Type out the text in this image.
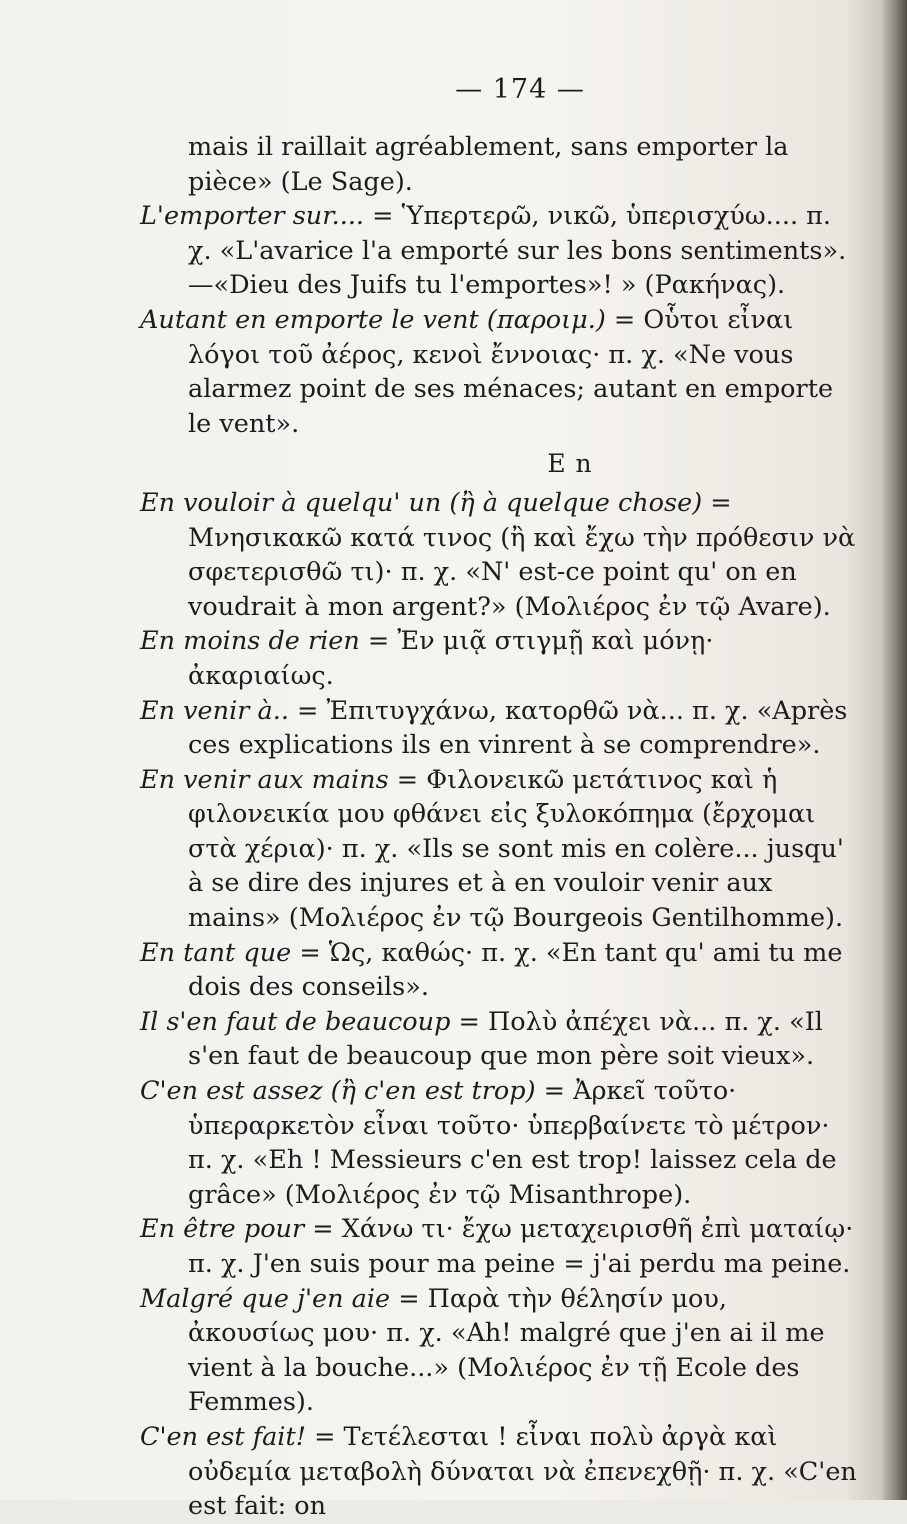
— 174 —

mais il raillait agréablement, sans emporter la pièce» (Le Sage).

L'emporter sur.... = Ὑπερτερῶ, νικῶ, ὑπερισχύω.... π. χ. «L'avarice l'a emporté sur les bons sentiments».—«Dieu des Juifs tu l'emportes»! » (Ρακήνας).

Autant en emporte le vent (παροιμ.) = Οὗτοι εἶναι λόγοι τοῦ ἀέρος, κενοὶ ἔννοιας· π. χ. «Ne vous alarmez point de ses ménaces; autant en emporte le vent».

E n

En vouloir à quelqu' un (ἢ à quelque chose) = Μνησικακῶ κατά τινος (ἢ καὶ ἔχω τὴν πρόθεσιν νὰ σφετερισθῶ τι)· π. χ. «N' est-ce point qu' on en voudrait à mon argent?» (Μολιέρος ἐν τῷ Avare).

En moins de rien = Ἐν μιᾷ στιγμῇ καὶ μόνῃ· ἀκαριαίως.

En venir à.. = Ἐπιτυγχάνω, κατορθῶ νὰ... π. χ. «Après ces explications ils en vinrent à se comprendre».

En venir aux mains = Φιλονεικῶ μετάτινος καὶ ἡ φιλονεικία μου φθάνει εἰς ξυλοκόπημα (ἔρχομαι στὰ χέρια)· π. χ. «Ils se sont mis en colère... jusqu' à se dire des injures et à en vouloir venir aux mains» (Μολιέρος ἐν τῷ Bourgeois Gentilhomme).

En tant que = Ὡς, καθώς· π. χ. «En tant qu' ami tu me dois des conseils».

Il s'en faut de beaucoup = Πολὺ ἀπέχει νὰ... π. χ. «Il s'en faut de beaucoup que mon père soit vieux».

C'en est assez (ἢ c'en est trop) = Ἀρκεῖ τοῦτο· ὑπεραρκετὸν εἶναι τοῦτο· ὑπερβαίνετε τὸ μέτρον· π. χ. «Eh ! Messieurs c'en est trop! laissez cela de grâce» (Μολιέρος ἐν τῷ Misanthrope).

En être pour = Χάνω τι· ἔχω μεταχειρισθῆ ἐπὶ ματαίῳ· π. χ. J'en suis pour ma peine = j'ai perdu ma peine.

Malgré que j'en aie = Παρὰ τὴν θέλησίν μου, ἀκουσίως μου· π. χ. «Ah! malgré que j'en ai il me vient à la bouche...» (Μολιέρος ἐν τῇ Ecole des Femmes).

C'en est fait! = Τετέλεσται ! εἶναι πολὺ ἀργὰ καὶ οὐδεμία μεταβολὴ δύναται νὰ ἐπενεχθῇ· π. χ. «C'en est fait: on
